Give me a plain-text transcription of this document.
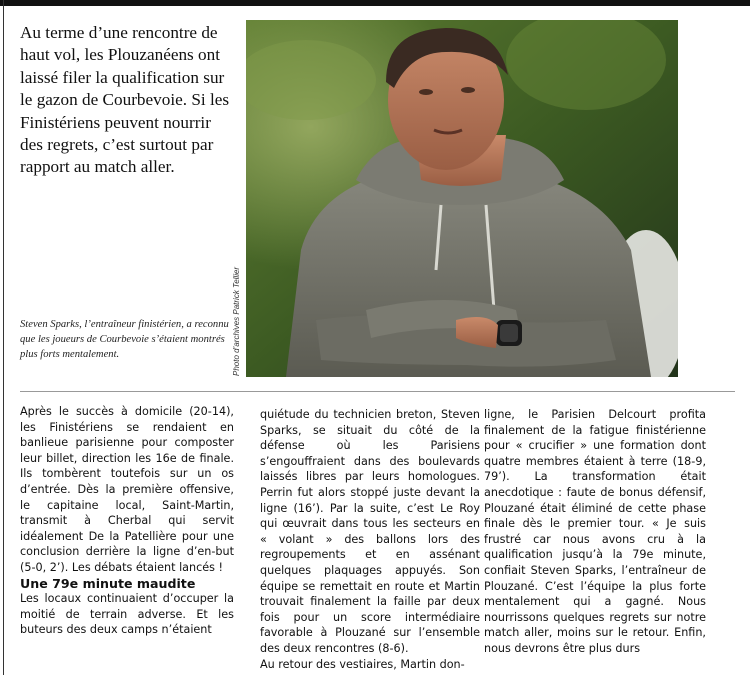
Au terme d’une rencontre de haut vol, les Plouzanéens ont laissé filer la qualification sur le gazon de Courbevoie. Si les Finistériens peuvent nourrir des regrets, c’est surtout par rapport au match aller.
Photo d’archives Patrick Tellier
Steven Sparks, l’entraîneur finistérien, a reconnu que les joueurs de Courbevoie s’étaient montrés plus forts mentalement.

Après le succès à domicile (20-14), les Finistériens se rendaient en banlieue parisienne pour composter leur billet, direction les 16e de finale. Ils tombèrent toutefois sur un os d’entrée. Dès la première offensive, le capitaine local, Saint-Martin, transmit à Cherbal qui servit idéalement De la Patellière pour une conclusion derrière la ligne d’en-but (5-0, 2’). Les débats étaient lancés !

Une 79e minute maudite

Les locaux continuaient d’occuper la moitié de terrain adverse. Et les buteurs des deux camps n’étaient

quiétude du technicien breton, Steven Sparks, se situait du côté de la défense où les Parisiens s’engouffraient dans des boulevards laissés libres par leurs homologues. Perrin fut alors stoppé juste devant la ligne (16’). Par la suite, c’est Le Roy qui œuvrait dans tous les secteurs en « volant » des ballons lors des regroupements et en assénant quelques plaquages appuyés. Son équipe se remettait en route et Martin trouvait finalement la faille par deux fois pour un score intermédiaire favorable à Plouzané sur l’ensemble des deux rencontres (8-6).

Au retour des vestiaires, Martin don-

ligne, le Parisien Delcourt profita finalement de la fatigue finistérienne pour « crucifier » une formation dont quatre membres étaient à terre (18-9, 79’). La transformation était anecdotique : faute de bonus défensif, Plouzané était éliminé de cette phase finale dès le premier tour. « Je suis frustré car nous avons cru à la qualification jusqu’à la 79e minute, confiait Steven Sparks, l’entraîneur de Plouzané. C’est l’équipe la plus forte mentalement qui a gagné. Nous nourrissons quelques regrets sur notre match aller, moins sur le retour. Enfin, nous devrons être plus durs
